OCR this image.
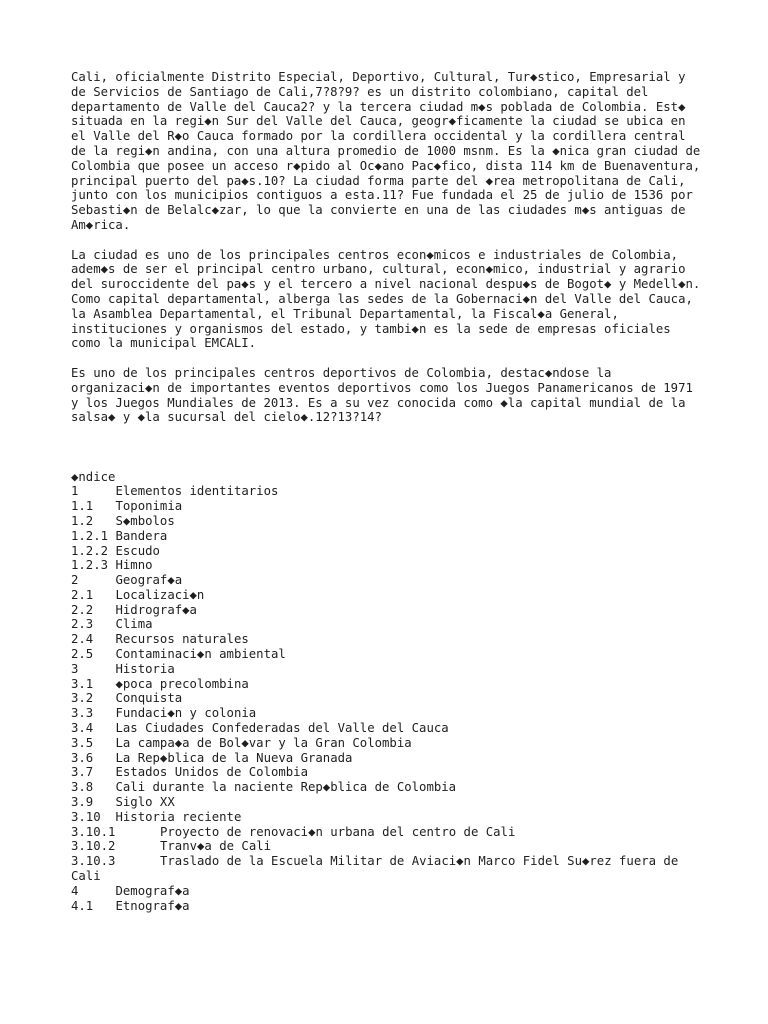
Cali, oficialmente Distrito Especial, Deportivo, Cultural, Tur◆stico, Empresarial y de Servicios de Santiago de Cali,7?8?9? es un distrito colombiano, capital del departamento de Valle del Cauca2? y la tercera ciudad m◆s poblada de Colombia. Est◆ situada en la regi◆n Sur del Valle del Cauca, geogr◆ficamente la ciudad se ubica en el Valle del R◆o Cauca formado por la cordillera occidental y la cordillera central de la regi◆n andina, con una altura promedio de 1000 msnm. Es la ◆nica gran ciudad de Colombia que posee un acceso r◆pido al Oc◆ano Pac◆fico, dista 114 km de Buenaventura, principal puerto del pa◆s.10? La ciudad forma parte del ◆rea metropolitana de Cali, junto con los municipios contiguos a esta.11? Fue fundada el 25 de julio de 1536 por Sebasti◆n de Belalc◆zar, lo que la convierte en una de las ciudades m◆s antiguas de Am◆rica.

La ciudad es uno de los principales centros econ◆micos e industriales de Colombia, adem◆s de ser el principal centro urbano, cultural, econ◆mico, industrial y agrario del suroccidente del pa◆s y el tercero a nivel nacional despu◆s de Bogot◆ y Medell◆n. Como capital departamental, alberga las sedes de la Gobernaci◆n del Valle del Cauca, la Asamblea Departamental, el Tribunal Departamental, la Fiscal◆a General, instituciones y organismos del estado, y tambi◆n es la sede de empresas oficiales como la municipal EMCALI.

Es uno de los principales centros deportivos de Colombia, destac◆ndose la organizaci◆n de importantes eventos deportivos como los Juegos Panamericanos de 1971 y los Juegos Mundiales de 2013. Es a su vez conocida como ◆la capital mundial de la salsa◆ y ◆la sucursal del cielo◆.12?13?14?

◆ndice
1	Elementos identitarios
1.1	Toponimia
1.2	S◆mbolos
1.2.1 Bandera
1.2.2 Escudo
1.2.3 Himno
2	Geograf◆a
2.1	Localizaci◆n
2.2	Hidrograf◆a
2.3	Clima
2.4	Recursos naturales
2.5	Contaminaci◆n ambiental
3	Historia
3.1	◆poca precolombina
3.2	Conquista
3.3	Fundaci◆n y colonia
3.4	Las Ciudades Confederadas del Valle del Cauca
3.5	La campa◆a de Bol◆var y la Gran Colombia
3.6	La Rep◆blica de la Nueva Granada
3.7	Estados Unidos de Colombia
3.8	Cali durante la naciente Rep◆blica de Colombia
3.9	Siglo XX
3.10	Historia reciente
3.10.1	Proyecto de renovaci◆n urbana del centro de Cali
3.10.2	Tranv◆a de Cali
3.10.3	Traslado de la Escuela Militar de Aviaci◆n Marco Fidel Su◆rez fuera de
Cali
4	Demograf◆a
4.1	Etnograf◆a
